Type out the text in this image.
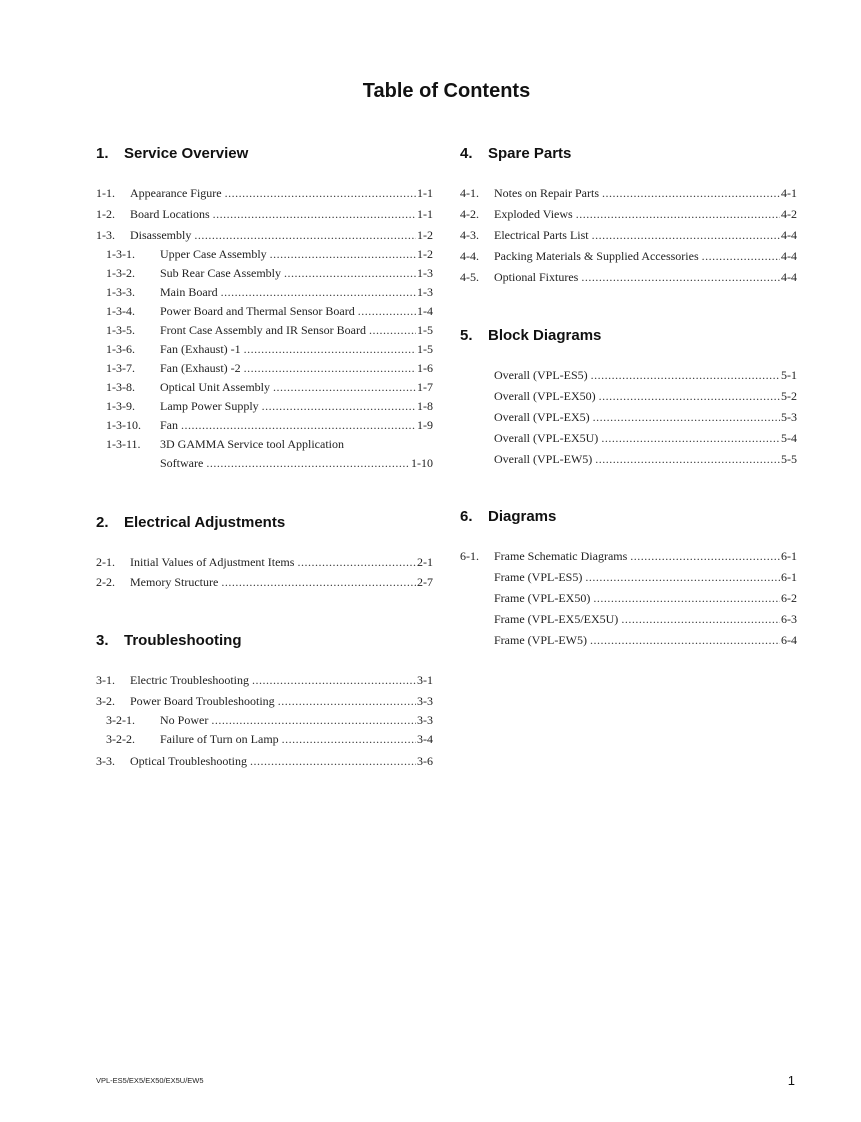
Table of Contents
1. Service Overview
1-1. Appearance Figure .....	1-1
1-2. Board Locations .....	1-1
1-3. Disassembly .....	1-2
1-3-1. Upper Case Assembly .....	1-2
1-3-2. Sub Rear Case Assembly .....	1-3
1-3-3. Main Board .....	1-3
1-3-4. Power Board and Thermal Sensor Board .....	1-4
1-3-5. Front Case Assembly and IR Sensor Board .....	1-5
1-3-6. Fan (Exhaust) -1 .....	1-5
1-3-7. Fan (Exhaust) -2 .....	1-6
1-3-8. Optical Unit Assembly .....	1-7
1-3-9. Lamp Power Supply .....	1-8
1-3-10. Fan .....	1-9
1-3-11. 3D GAMMA Service tool Application
Software .....	1-10
2. Electrical Adjustments
2-1. Initial Values of Adjustment Items .....	2-1
2-2. Memory Structure .....	2-7
3. Troubleshooting
3-1. Electric Troubleshooting .....	3-1
3-2. Power Board Troubleshooting .....	3-3
3-2-1. No Power .....	3-3
3-2-2. Failure of Turn on Lamp .....	3-4
3-3. Optical Troubleshooting .....	3-6
4. Spare Parts
4-1. Notes on Repair Parts .....	4-1
4-2. Exploded Views .....	4-2
4-3. Electrical Parts List .....	4-4
4-4. Packing Materials & Supplied Accessories .....	4-4
4-5. Optional Fixtures .....	4-4
5. Block Diagrams
Overall (VPL-ES5) .....	5-1
Overall (VPL-EX50) .....	5-2
Overall (VPL-EX5) .....	5-3
Overall (VPL-EX5U) .....	5-4
Overall (VPL-EW5) .....	5-5
6. Diagrams
6-1. Frame Schematic Diagrams .....	6-1
Frame (VPL-ES5) .....	6-1
Frame (VPL-EX50) .....	6-2
Frame (VPL-EX5/EX5U) .....	6-3
Frame (VPL-EW5) .....	6-4
VPL-ES5/EX5/EX50/EX5U/EW5	1
